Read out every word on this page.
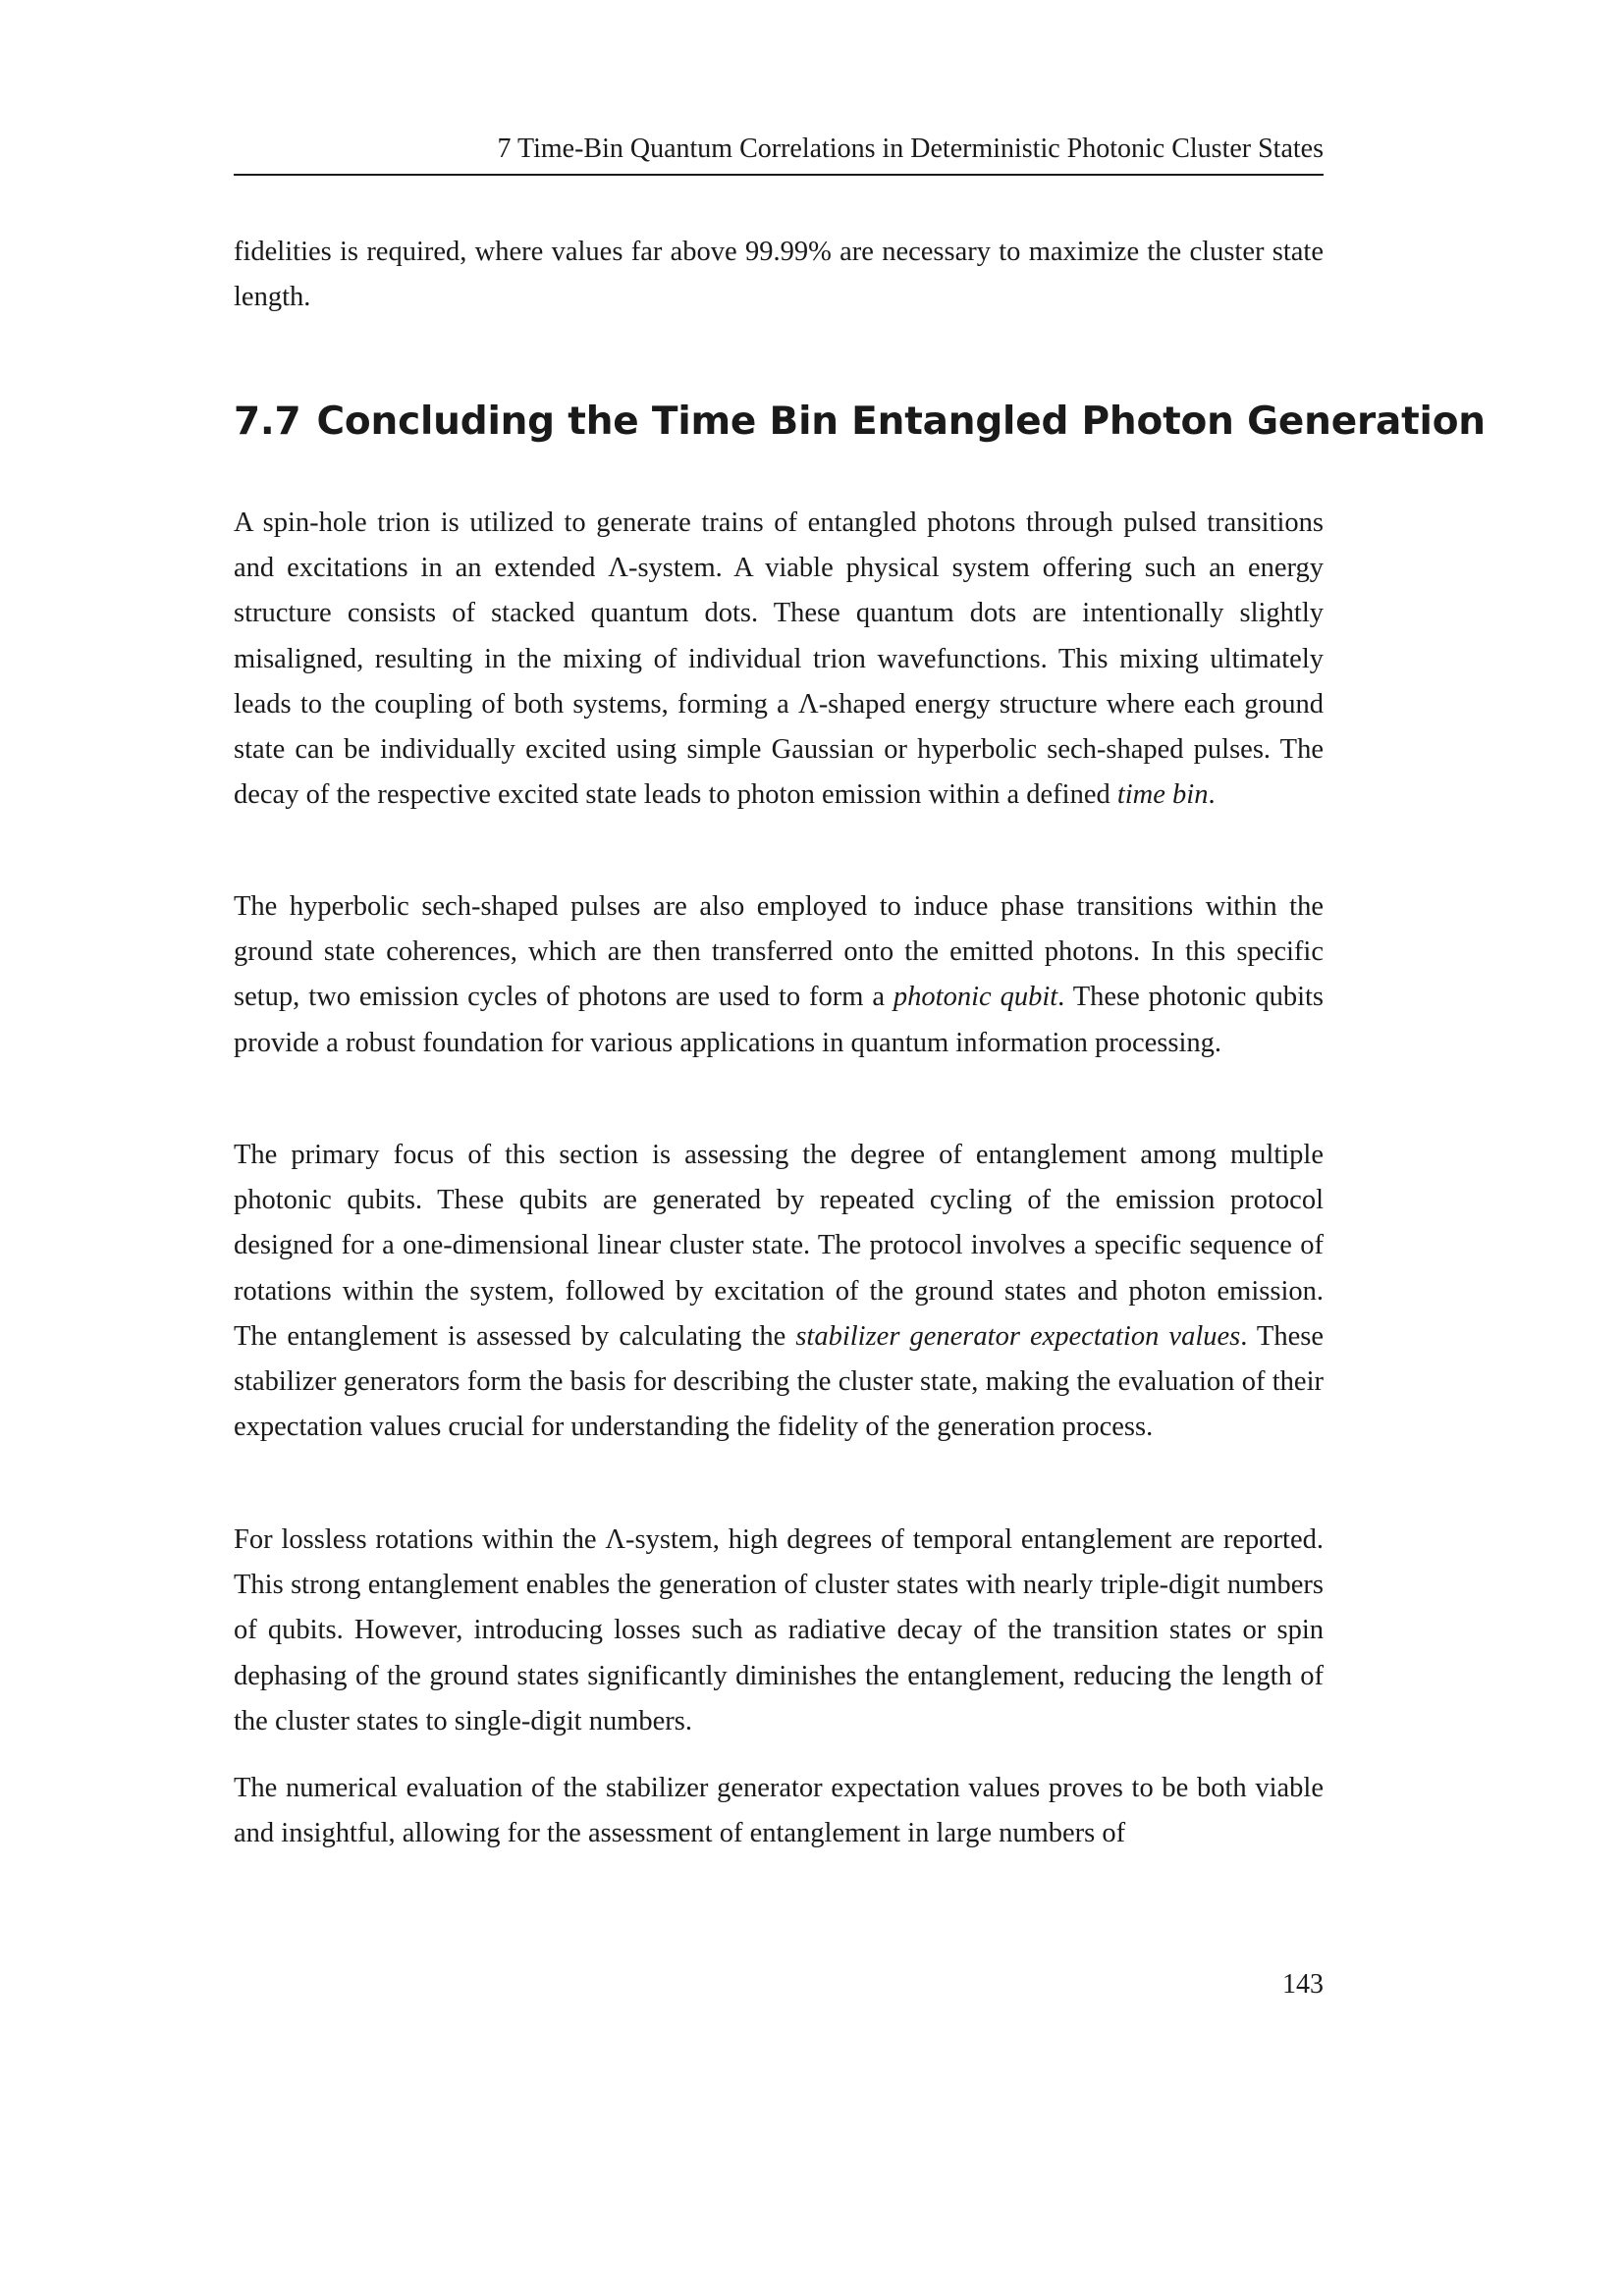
7 Time-Bin Quantum Correlations in Deterministic Photonic Cluster States

fidelities is required, where values far above 99.99% are necessary to maximize the cluster state length.

7.7 Concluding the Time Bin Entangled Photon Generation

A spin-hole trion is utilized to generate trains of entangled photons through pulsed transitions and excitations in an extended Λ-system. A viable physical system offering such an energy structure consists of stacked quantum dots. These quantum dots are intentionally slightly misaligned, resulting in the mixing of individual trion wavefunctions. This mixing ultimately leads to the coupling of both systems, forming a Λ-shaped energy structure where each ground state can be individually excited using simple Gaussian or hyperbolic sech-shaped pulses. The decay of the respective excited state leads to photon emission within a defined time bin.

The hyperbolic sech-shaped pulses are also employed to induce phase transitions within the ground state coherences, which are then transferred onto the emitted photons. In this specific setup, two emission cycles of photons are used to form a photonic qubit. These photonic qubits provide a robust foundation for various applications in quantum information processing.

The primary focus of this section is assessing the degree of entanglement among multiple photonic qubits. These qubits are generated by repeated cycling of the emission protocol designed for a one-dimensional linear cluster state. The protocol involves a specific sequence of rotations within the system, followed by excitation of the ground states and photon emission. The entanglement is assessed by calculating the stabilizer generator expectation values. These stabilizer generators form the basis for describing the cluster state, making the evaluation of their expectation values crucial for understanding the fidelity of the generation process.

For lossless rotations within the Λ-system, high degrees of temporal entanglement are reported. This strong entanglement enables the generation of cluster states with nearly triple-digit numbers of qubits. However, introducing losses such as radiative decay of the transition states or spin dephasing of the ground states significantly diminishes the entanglement, reducing the length of the cluster states to single-digit numbers.

The numerical evaluation of the stabilizer generator expectation values proves to be both viable and insightful, allowing for the assessment of entanglement in large numbers of

143
